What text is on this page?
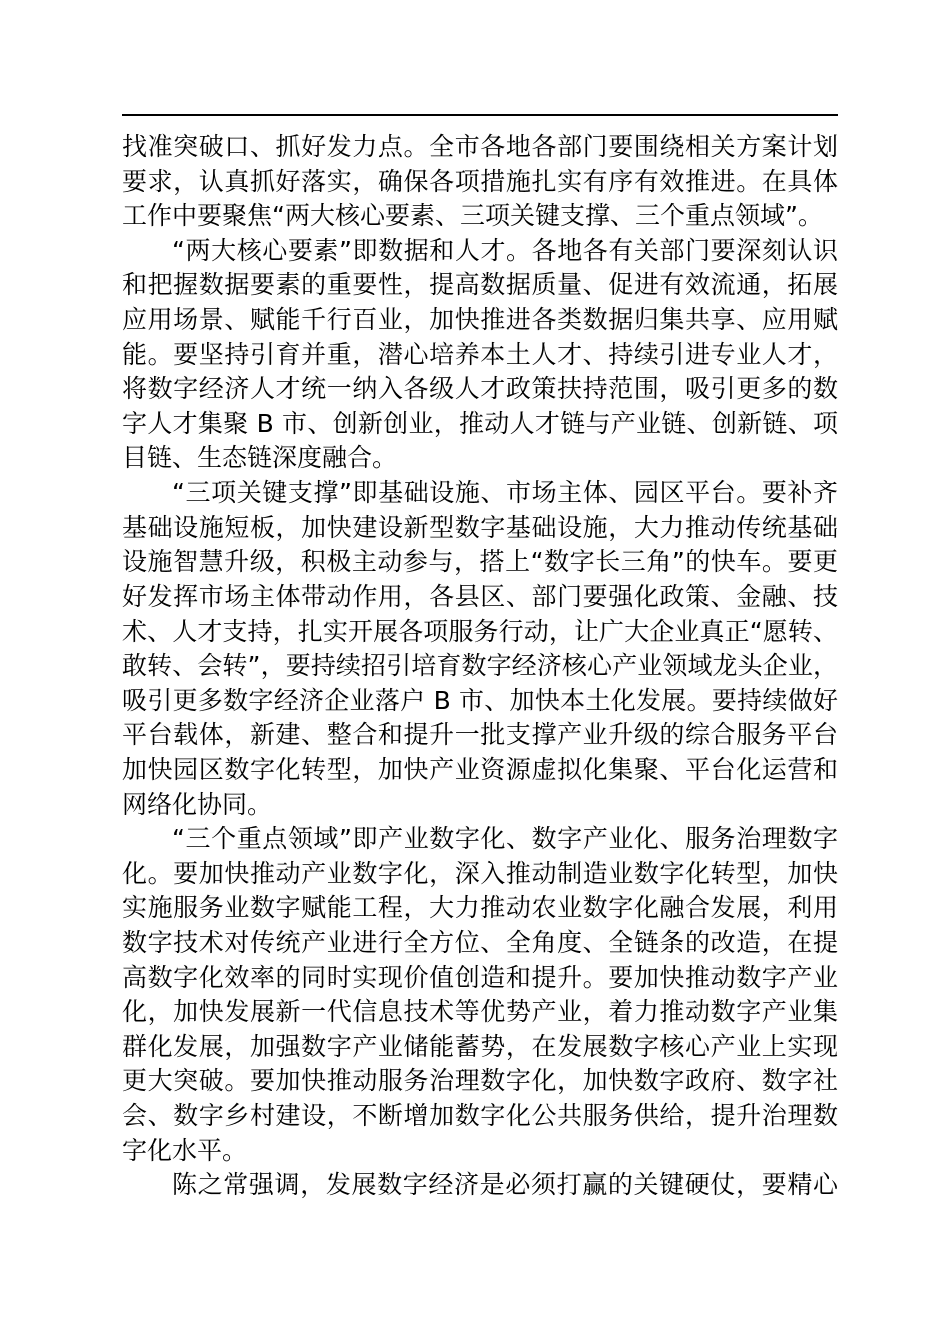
找准突破口、抓好发力点。全市各地各部门要围绕相关方案计划
要求，认真抓好落实，确保各项措施扎实有序有效推进。在具体
工作中要聚焦“两大核心要素、三项关键支撑、三个重点领域”。
“两大核心要素”即数据和人才。各地各有关部门要深刻认识
和把握数据要素的重要性，提高数据质量、促进有效流通，拓展
应用场景、赋能千行百业，加快推进各类数据归集共享、应用赋
能。要坚持引育并重，潜心培养本土人才、持续引进专业人才，
将数字经济人才统一纳入各级人才政策扶持范围，吸引更多的数
字人才集聚 B 市、创新创业，推动人才链与产业链、创新链、项
目链、生态链深度融合。
“三项关键支撑”即基础设施、市场主体、园区平台。要补齐
基础设施短板，加快建设新型数字基础设施，大力推动传统基础
设施智慧升级，积极主动参与，搭上“数字长三角”的快车。要更
好发挥市场主体带动作用，各县区、部门要强化政策、金融、技
术、人才支持，扎实开展各项服务行动，让广大企业真正“愿转、
敢转、会转”，要持续招引培育数字经济核心产业领域龙头企业，
吸引更多数字经济企业落户 B 市、加快本土化发展。要持续做好
平台载体，新建、整合和提升一批支撑产业升级的综合服务平台
加快园区数字化转型，加快产业资源虚拟化集聚、平台化运营和
网络化协同。
“三个重点领域”即产业数字化、数字产业化、服务治理数字
化。要加快推动产业数字化，深入推动制造业数字化转型，加快
实施服务业数字赋能工程，大力推动农业数字化融合发展，利用
数字技术对传统产业进行全方位、全角度、全链条的改造，在提
高数字化效率的同时实现价值创造和提升。要加快推动数字产业
化，加快发展新一代信息技术等优势产业，着力推动数字产业集
群化发展，加强数字产业储能蓄势，在发展数字核心产业上实现
更大突破。要加快推动服务治理数字化，加快数字政府、数字社
会、数字乡村建设，不断增加数字化公共服务供给，提升治理数
字化水平。
陈之常强调，发展数字经济是必须打赢的关键硬仗，要精心
